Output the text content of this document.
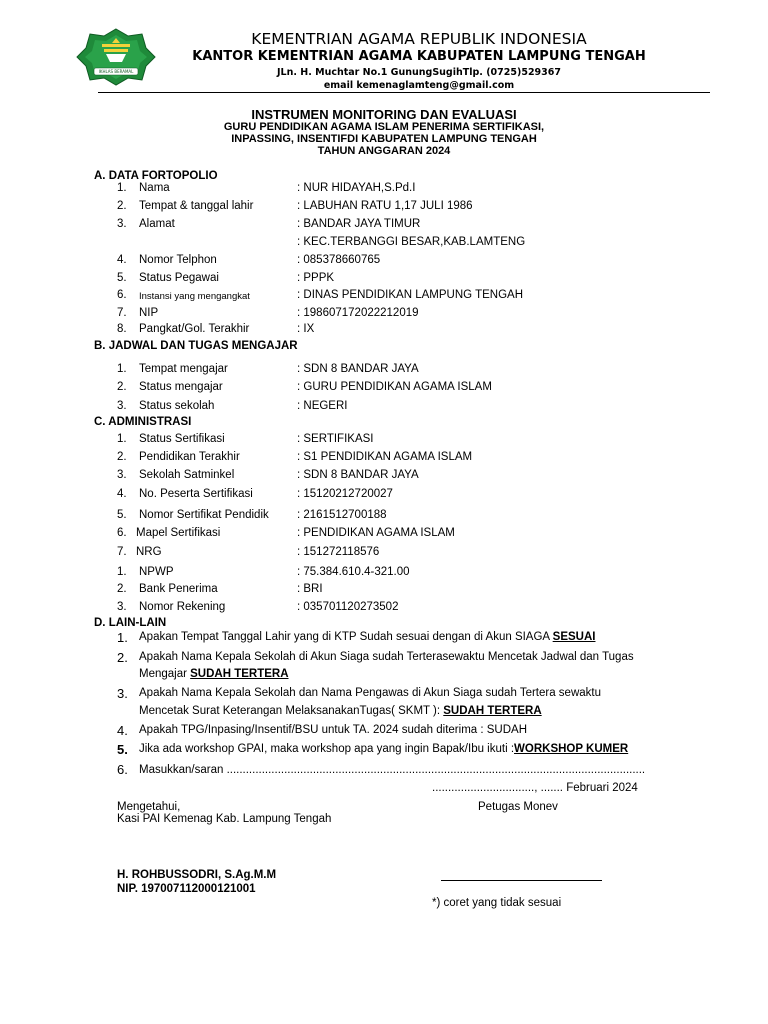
IKHLAS BERAMAL
KEMENTRIAN AGAMA REPUBLIK INDONESIA
KANTOR KEMENTRIAN AGAMA KABUPATEN LAMPUNG TENGAH
JLn. H. Muchtar No.1 GunungSugihTlp. (0725)529367
email kemenaglamteng@gmail.com
INSTRUMEN MONITORING DAN EVALUASI
GURU PENDIDIKAN AGAMA ISLAM PENERIMA SERTIFIKASI,
INPASSING, INSENTIFDI KABUPATEN LAMPUNG TENGAH
TAHUN ANGGARAN 2024
A. DATA FORTOPOLIO
1. Nama	: NUR HIDAYAH,S.Pd.I
2. Tempat & tanggal lahir	: LABUHAN RATU 1,17 JULI 1986
3. Alamat	: BANDAR JAYA TIMUR
: KEC.TERBANGGI BESAR,KAB.LAMTENG
4. Nomor Telphon	: 085378660765
5. Status Pegawai	: PPPK
6. Instansi yang mengangkat	: DINAS PENDIDIKAN LAMPUNG TENGAH
7. NIP	: 198607172022212019
8. Pangkat/Gol. Terakhir	: IX
B. JADWAL DAN TUGAS MENGAJAR
1. Tempat mengajar	: SDN 8 BANDAR JAYA
2. Status mengajar	: GURU PENDIDIKAN AGAMA ISLAM
3. Status sekolah	: NEGERI
C. ADMINISTRASI
1. Status Sertifikasi	: SERTIFIKASI
2. Pendidikan Terakhir	: S1 PENDIDIKAN AGAMA ISLAM
3. Sekolah Satminkel	: SDN 8 BANDAR JAYA
4. No. Peserta Sertifikasi	: 15120212720027
5. Nomor Sertifikat Pendidik : 2161512700188
6. Mapel Sertifikasi	: PENDIDIKAN AGAMA ISLAM
7. NRG	: 151272118576
1. NPWP	: 75.384.610.4-321.00
2. Bank Penerima	: BRI
3. Nomor Rekening	: 035701120273502
D. LAIN-LAIN
1. Apakan Tempat Tanggal Lahir yang di KTP Sudah sesuai dengan di Akun SIAGA SESUAI
2. Apakah Nama Kepala Sekolah di Akun Siaga sudah Terterasewaktu Mencetak Jadwal dan Tugas
Mengajar SUDAH TERTERA
3. Apakah Nama Kepala Sekolah dan Nama Pengawas di Akun Siaga sudah Tertera sewaktu
Mencetak Surat Keterangan MelaksanakanTugas( SKMT ): SUDAH TERTERA
4. Apakah TPG/Inpasing/Insentif/BSU untuk TA. 2024 sudah diterima : SUDAH
5. Jika ada workshop GPAI, maka workshop apa yang ingin Bapak/Ibu ikuti :WORKSHOP KUMER
6. Masukkan/saran ...................................................................................................................................
................................, ....... Februari 2024
Mengetahui,	Petugas Monev
Kasi PAI Kemenag Kab. Lampung Tengah
H. ROHBUSSODRI, S.Ag.M.M
NIP. 197007112000121001
*) coret yang tidak sesuai
